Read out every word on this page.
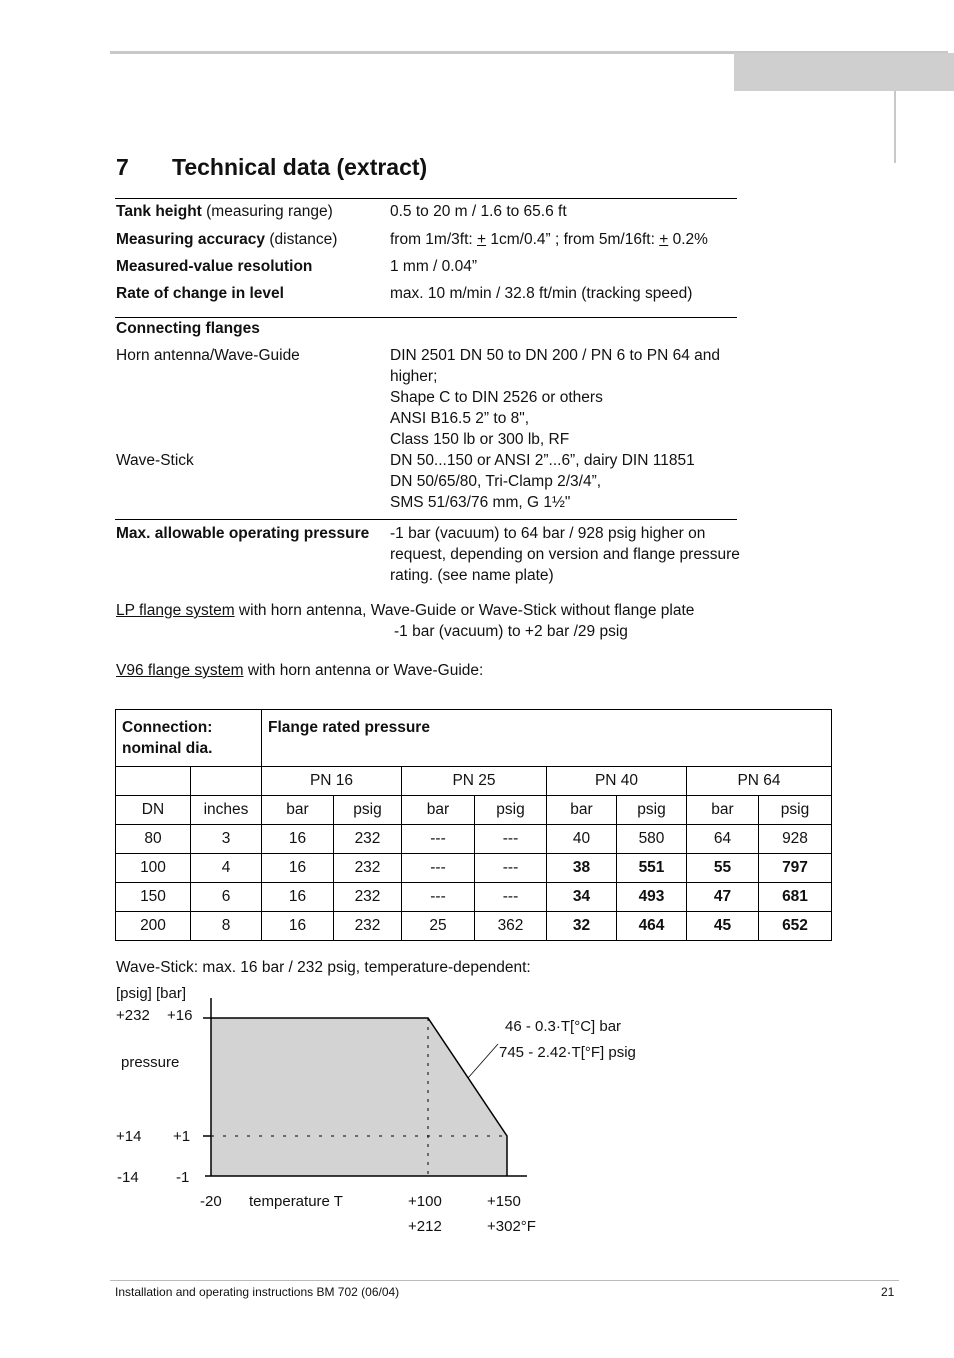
7 Technical data (extract)
Tank height (measuring range)	0.5 to 20 m / 1.6 to 65.6 ft
Measuring accuracy (distance)	from 1m/3ft: + 1cm/0.4” ; from 5m/16ft: + 0.2%
Measured-value resolution	1 mm / 0.04”
Rate of change in level	max. 10 m/min / 32.8 ft/min (tracking speed)
Connecting flanges
Horn antenna/Wave-Guide	DIN 2501 DN 50 to DN 200 / PN 6 to PN 64 and
higher;
Shape C to DIN 2526 or others
ANSI B16.5 2” to 8",
Class 150 lb or 300 lb, RF
Wave-Stick	DN 50...150 or ANSI 2”...6”, dairy DIN 11851
DN 50/65/80, Tri-Clamp 2/3/4”,
SMS 51/63/76 mm, G 1½"
Max. allowable operating pressure -1 bar (vacuum) to 64 bar / 928 psig higher on
request, depending on version and flange pressure
rating. (see name plate)
LP flange system with horn antenna, Wave-Guide or Wave-Stick without flange plate
-1 bar (vacuum) to +2 bar /29 psig
V96 flange system with horn antenna or Wave-Guide:
Connection:
nominal dia.		Flange rated pressure							
		PN 16		PN 25		PN 40		PN 64	
DN	inches	bar	psig	bar	psig	bar	psig	bar	psig
80	3	16	232	---	---	40	580	64	928
100	4	16	232	---	---	38	551	55	797
150	6	16	232	---	---	34	493	47	681
200	8	16	232	25	362	32	464	45	652
Wave-Stick: max. 16 bar / 232 psig, temperature-dependent:
[psig] [bar]
+232 +16
pressure
+14 +1
-14 -1
-20 temperature T	+100	+150
+212	+302°F
46 - 0.3·T[°C] bar
745 - 2.42·T[°F] psig
Installation and operating instructions BM 702 (06/04)	21
